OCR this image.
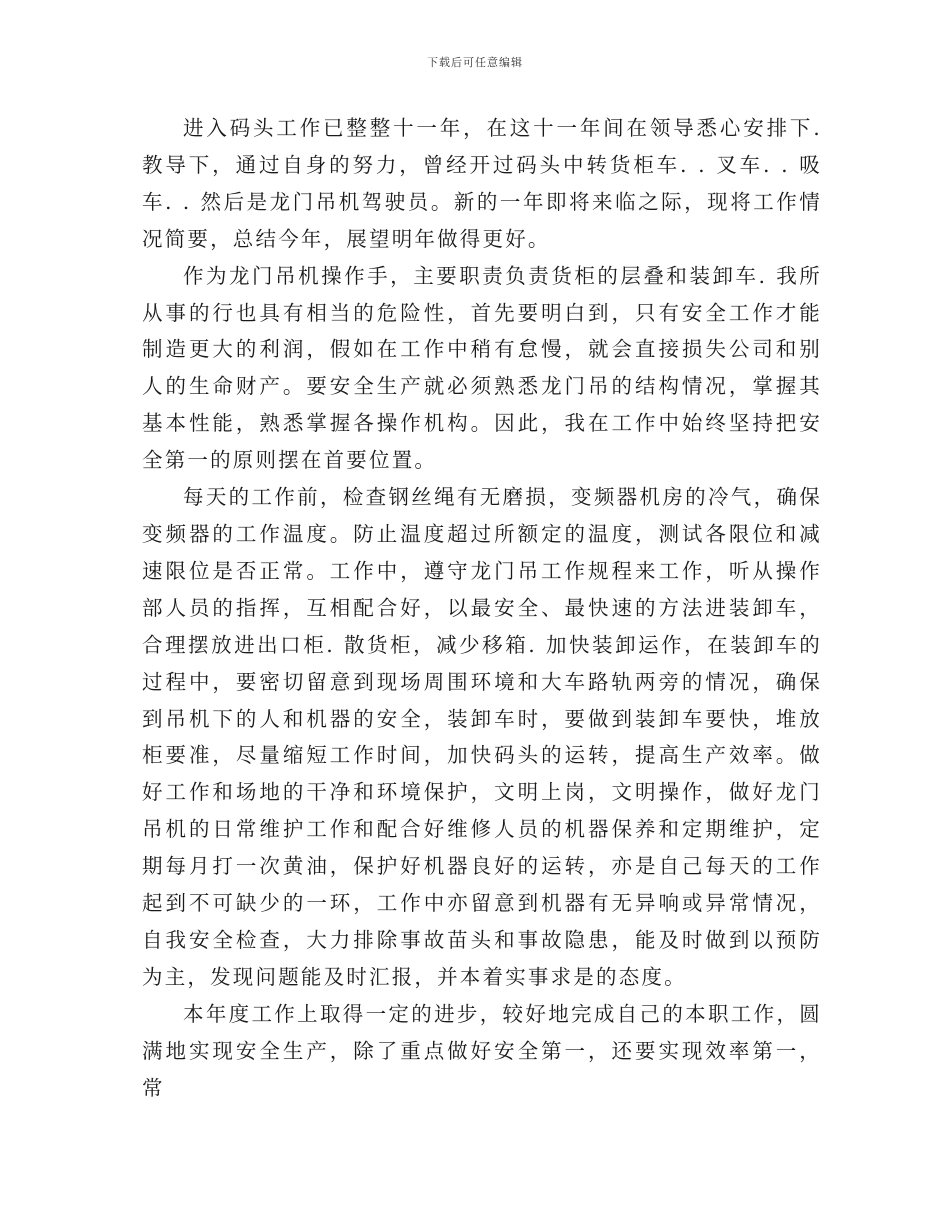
下载后可任意编辑

进入码头工作已整整十一年，在这十一年间在领导悉心安排下. 教导下，通过自身的努力，曾经开过码头中转货柜车. . 叉车. . 吸车. . 然后是龙门吊机驾驶员。新的一年即将来临之际，现将工作情况简要，总结今年，展望明年做得更好。

作为龙门吊机操作手，主要职责负责货柜的层叠和装卸车. 我所从事的行也具有相当的危险性，首先要明白到，只有安全工作才能制造更大的利润，假如在工作中稍有怠慢，就会直接损失公司和别人的生命财产。要安全生产就必须熟悉龙门吊的结构情况，掌握其基本性能，熟悉掌握各操作机构。因此，我在工作中始终坚持把安全第一的原则摆在首要位置。

每天的工作前，检查钢丝绳有无磨损，变频器机房的冷气，确保变频器的工作温度。防止温度超过所额定的温度，测试各限位和减速限位是否正常。工作中，遵守龙门吊工作规程来工作，听从操作部人员的指挥，互相配合好，以最安全、最快速的方法进装卸车，合理摆放进出口柜. 散货柜，减少移箱. 加快装卸运作，在装卸车的过程中，要密切留意到现场周围环境和大车路轨两旁的情况，确保到吊机下的人和机器的安全，装卸车时，要做到装卸车要快，堆放柜要准，尽量缩短工作时间，加快码头的运转，提高生产效率。做好工作和场地的干净和环境保护，文明上岗，文明操作，做好龙门吊机的日常维护工作和配合好维修人员的机器保养和定期维护，定期每月打一次黄油，保护好机器良好的运转，亦是自己每天的工作起到不可缺少的一环，工作中亦留意到机器有无异响或异常情况，自我安全检查，大力排除事故苗头和事故隐患，能及时做到以预防为主，发现问题能及时汇报，并本着实事求是的态度。

本年度工作上取得一定的进步，较好地完成自己的本职工作，圆满地实现安全生产，除了重点做好安全第一，还要实现效率第一，常
